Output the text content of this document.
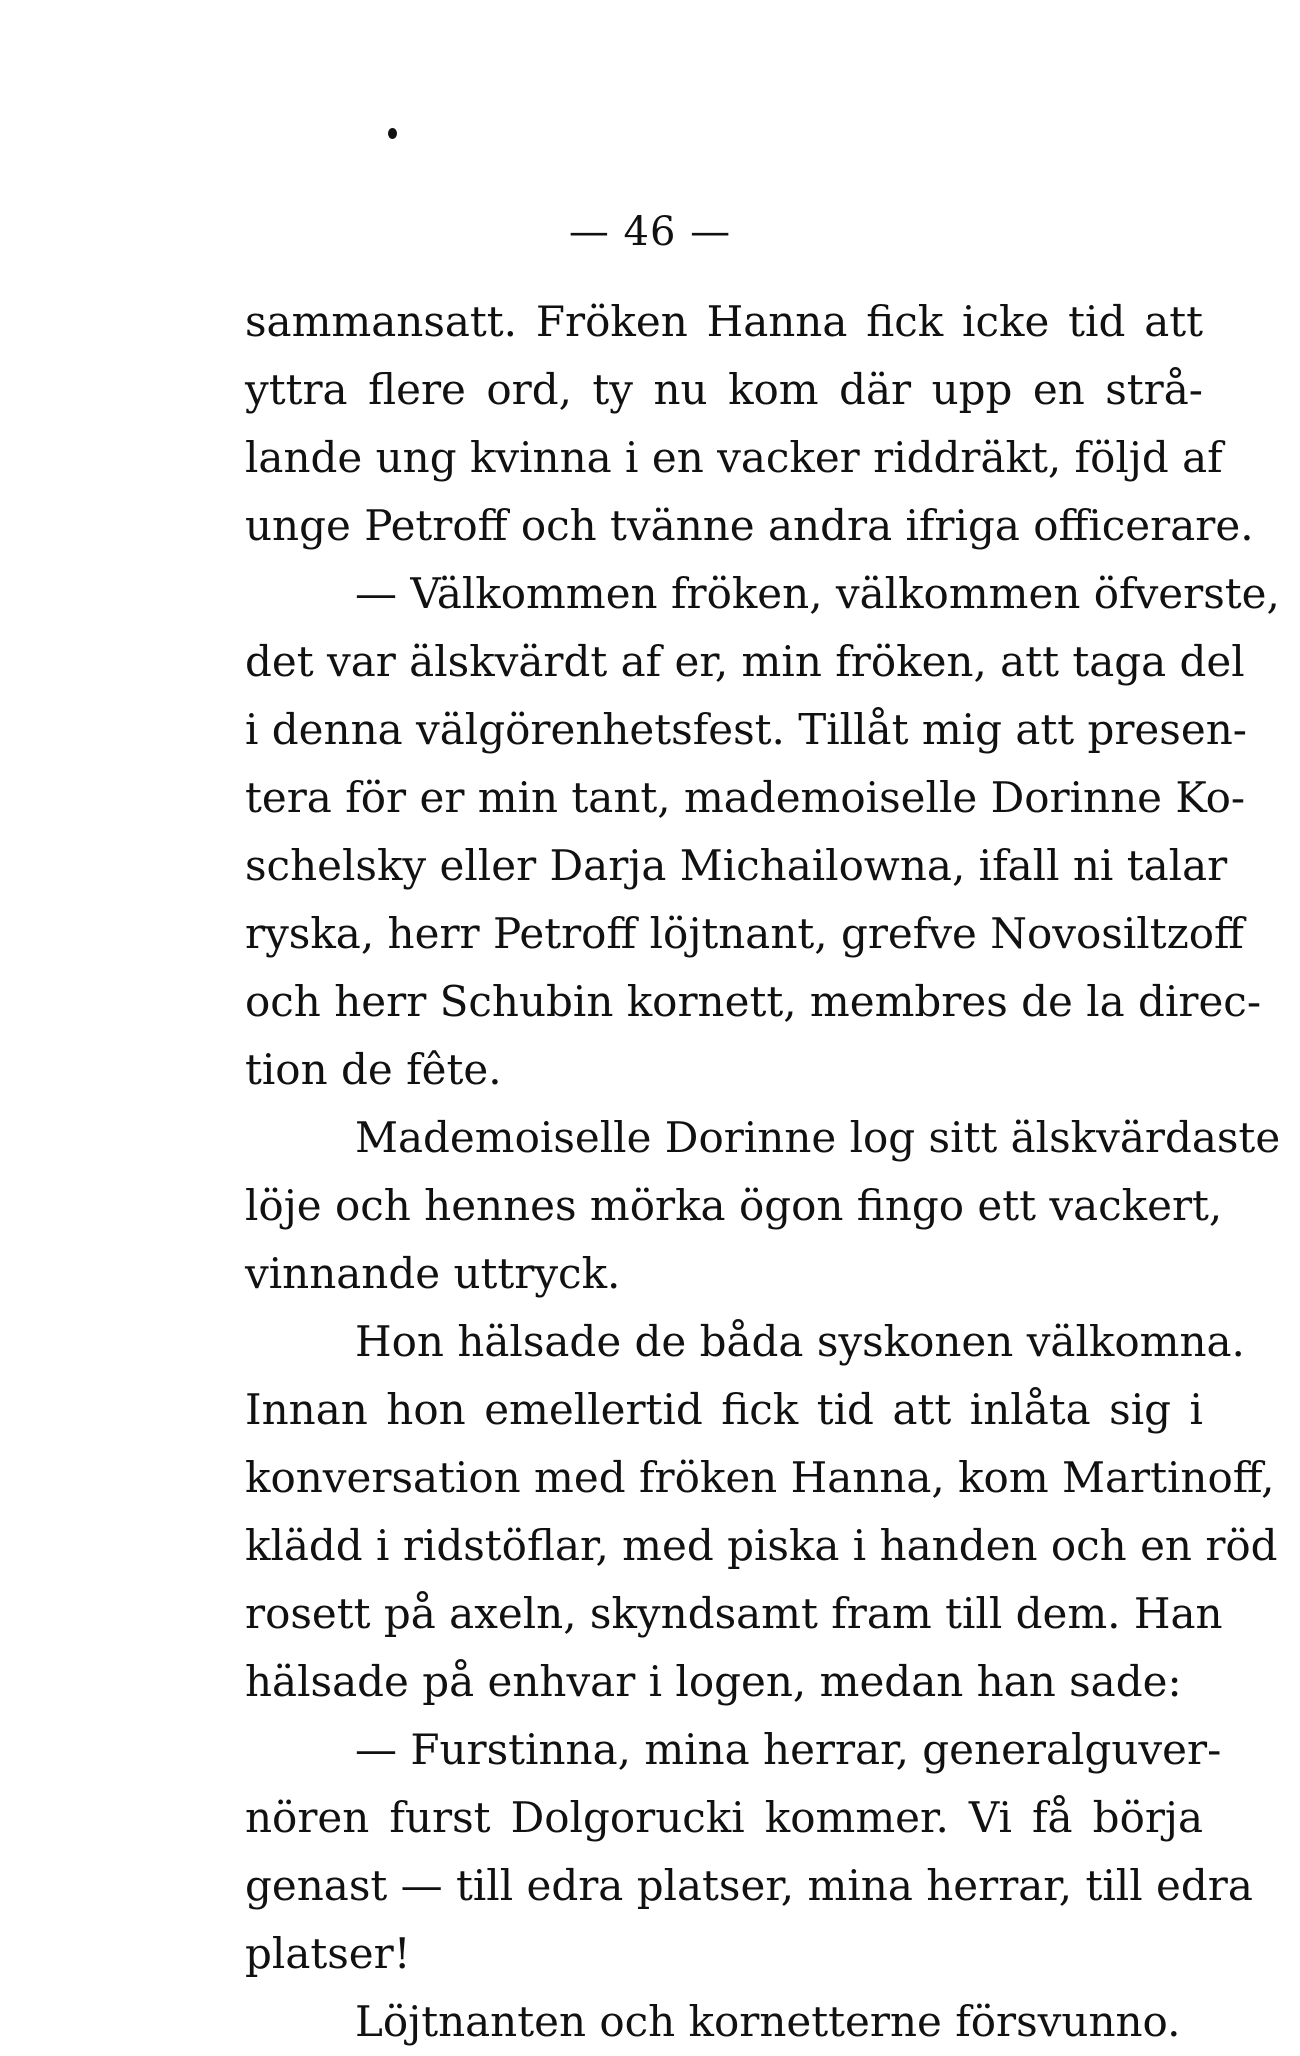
— 46 —
sammansatt. Fröken Hanna fick icke tid att
yttra flere ord, ty nu kom där upp en strå-
lande ung kvinna i en vacker riddräkt, följd af
unge Petroff och tvänne andra ifriga officerare.
— Välkommen fröken, välkommen öfverste,
det var älskvärdt af er, min fröken, att taga del
i denna välgörenhetsfest. Tillåt mig att presen-
tera för er min tant, mademoiselle Dorinne Ko-
schelsky eller Darja Michailowna, ifall ni talar
ryska, herr Petroff löjtnant, grefve Novosiltzoff
och herr Schubin kornett, membres de la direc-
tion de fête.
Mademoiselle Dorinne log sitt älskvärdaste
löje och hennes mörka ögon fingo ett vackert,
vinnande uttryck.
Hon hälsade de båda syskonen välkomna.
Innan hon emellertid fick tid att inlåta sig i
konversation med fröken Hanna, kom Martinoff,
klädd i ridstöflar, med piska i handen och en röd
rosett på axeln, skyndsamt fram till dem. Han
hälsade på enhvar i logen, medan han sade:
— Furstinna, mina herrar, generalguver-
nören furst Dolgorucki kommer. Vi få börja
genast — till edra platser, mina herrar, till edra
platser!
Löjtnanten och kornetterne försvunno.
